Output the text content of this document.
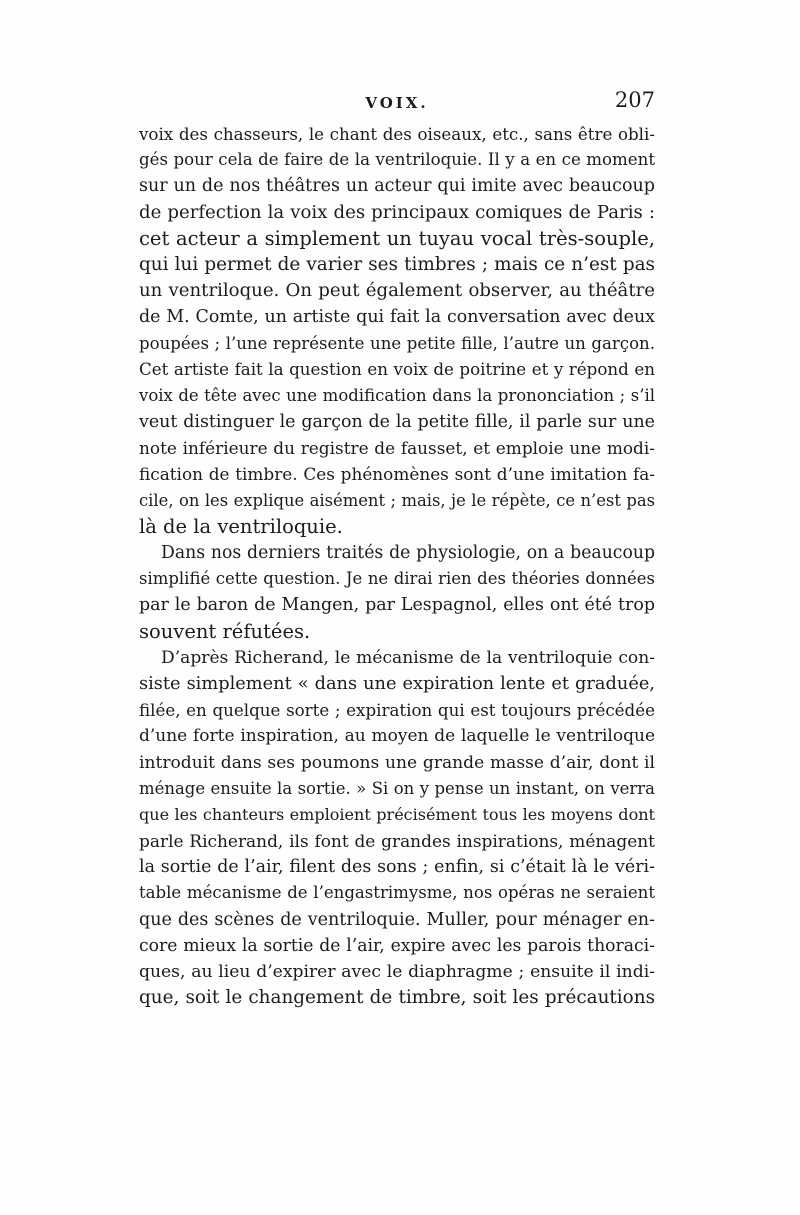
VOIX.	207
voix des chasseurs, le chant des oiseaux, etc., sans être obli-
gés pour cela de faire de la ventriloquie. Il y a en ce moment
sur un de nos théâtres un acteur qui imite avec beaucoup
de perfection la voix des principaux comiques de Paris :
cet acteur a simplement un tuyau vocal très-souple,
qui lui permet de varier ses timbres ; mais ce n’est pas
un ventriloque. On peut également observer, au théâtre
de M. Comte, un artiste qui fait la conversation avec deux
poupées ; l’une représente une petite fille, l’autre un garçon.
Cet artiste fait la question en voix de poitrine et y répond en
voix de tête avec une modification dans la prononciation ; s’il
veut distinguer le garçon de la petite fille, il parle sur une
note inférieure du registre de fausset, et emploie une modi-
fication de timbre. Ces phénomènes sont d’une imitation fa-
cile, on les explique aisément ; mais, je le répète, ce n’est pas
là de la ventriloquie.
Dans nos derniers traités de physiologie, on a beaucoup
simplifié cette question. Je ne dirai rien des théories données
par le baron de Mangen, par Lespagnol, elles ont été trop
souvent réfutées.
D’après Richerand, le mécanisme de la ventriloquie con-
siste simplement « dans une expiration lente et graduée,
filée, en quelque sorte ; expiration qui est toujours précédée
d’une forte inspiration, au moyen de laquelle le ventriloque
introduit dans ses poumons une grande masse d’air, dont il
ménage ensuite la sortie. » Si on y pense un instant, on verra
que les chanteurs emploient précisément tous les moyens dont
parle Richerand, ils font de grandes inspirations, ménagent
la sortie de l’air, filent des sons ; enfin, si c’était là le véri-
table mécanisme de l’engastrimysme, nos opéras ne seraient
que des scènes de ventriloquie. Muller, pour ménager en-
core mieux la sortie de l’air, expire avec les parois thoraci-
ques, au lieu d’expirer avec le diaphragme ; ensuite il indi-
que, soit le changement de timbre, soit les précautions
